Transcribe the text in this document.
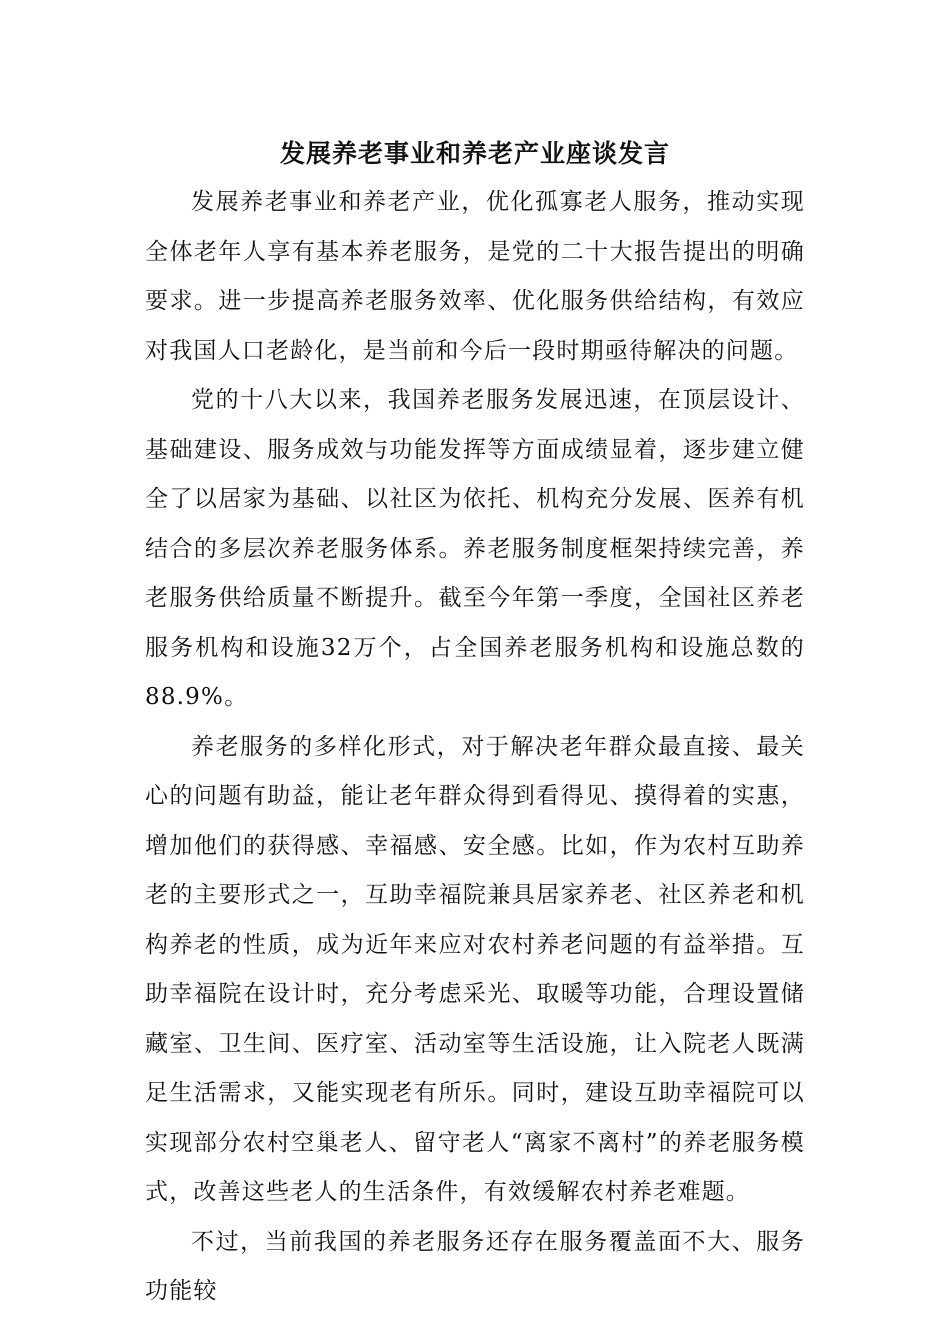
发展养老事业和养老产业座谈发言

发展养老事业和养老产业，优化孤寡老人服务，推动实现全体老年人享有基本养老服务，是党的二十大报告提出的明确要求。进一步提高养老服务效率、优化服务供给结构，有效应对我国人口老龄化，是当前和今后一段时期亟待解决的问题。

党的十八大以来，我国养老服务发展迅速，在顶层设计、基础建设、服务成效与功能发挥等方面成绩显着，逐步建立健全了以居家为基础、以社区为依托、机构充分发展、医养有机结合的多层次养老服务体系。养老服务制度框架持续完善，养老服务供给质量不断提升。截至今年第一季度，全国社区养老服务机构和设施32万个，占全国养老服务机构和设施总数的88.9%。

养老服务的多样化形式，对于解决老年群众最直接、最关心的问题有助益，能让老年群众得到看得见、摸得着的实惠，增加他们的获得感、幸福感、安全感。比如，作为农村互助养老的主要形式之一，互助幸福院兼具居家养老、社区养老和机构养老的性质，成为近年来应对农村养老问题的有益举措。互助幸福院在设计时，充分考虑采光、取暖等功能，合理设置储藏室、卫生间、医疗室、活动室等生活设施，让入院老人既满足生活需求，又能实现老有所乐。同时，建设互助幸福院可以实现部分农村空巢老人、留守老人“离家不离村”的养老服务模式，改善这些老人的生活条件，有效缓解农村养老难题。

不过，当前我国的养老服务还存在服务覆盖面不大、服务功能较
